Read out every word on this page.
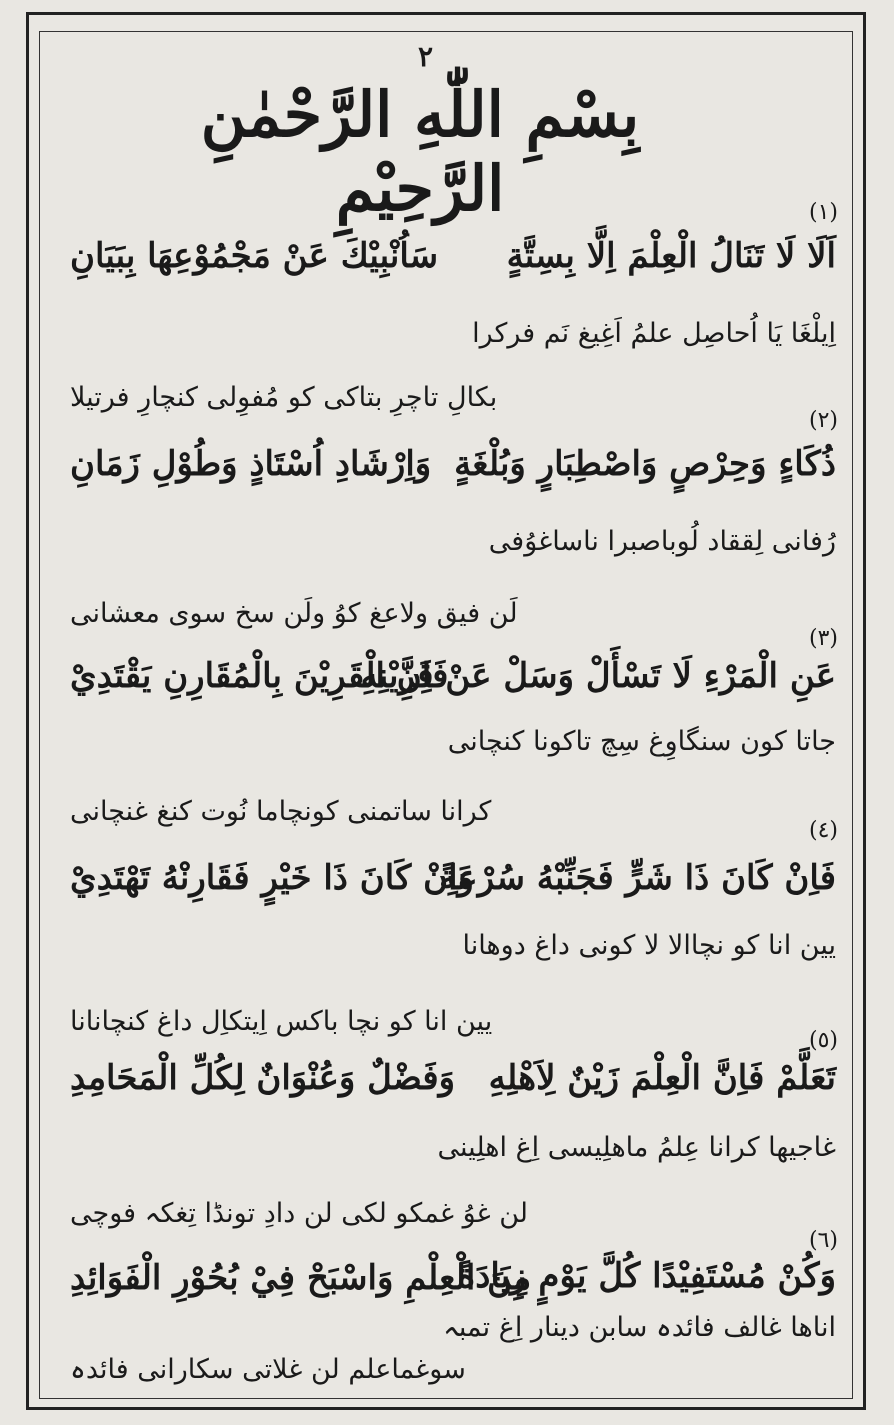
٢
بِسْمِ اللّٰهِ الرَّحْمٰنِ الرَّحِيْمِ	(١)
اَلَا لَا تَنَالُ الْعِلْمَ اِلَّا بِسِتَّةٍ
سَاُنْبِيْكَ عَنْ مَجْمُوْعِهَا بِبَيَانِ
اِیلْغَا یَا اُحاصِل علمُ اَغِیغ نَم فرکرا
بکالِ تاچرِ بتاکی کو مُفوِلی کنچارِ فرتیلا
(٢)
ذُكَاءٍ وَحِرْصٍ وَاصْطِبَارٍ وَبُلْغَةٍ
وَاِرْشَادِ اُسْتَاذٍ وَطُوْلِ زَمَانِ
رُفانی لِققاد لُوباصبرا ناساغوُفی
لَن فیق ولاعغ کوُ ولَن سخ سوی معشانی
(٣)
عَنِ الْمَرْءِ لَا تَسْأَلْ وَسَلْ عَنْ قَرِيْنِهِ
فَاِنَّ الْقَرِيْنَ بِالْمُقَارِنِ يَقْتَدِيْ
جاتا کون سنگاوِغ سِچ تاکونا کنچانی
کرانا ساتمنی کونچاما نُوت کنغ غنچانی
(٤)
فَاِنْ كَانَ ذَا شَرٍّ فَجَنِّبْهُ سُرْعَةً
وَاِنْ كَانَ ذَا خَيْرٍ فَقَارِنْهُ تَهْتَدِيْ
یین انا کو نچاالا لا کونی داغ دوھانا
یین انا کو نچا باکس اِیتکاِل داغ کنچانانا
(٥)
تَعَلَّمْ فَاِنَّ الْعِلْمَ زَيْنٌ لِاَهْلِهِ
وَفَضْلٌ وَعُنْوَانٌ لِكُلِّ الْمَحَامِدِ
غاجیھا کرانا عِلمُ ماھلِیسی اِغ اھلِینی
لن غوُ غمکو لکی لن دادِ تونڈا تِغکہ فوچی
(٦)
وَكُنْ مُسْتَفِيْدًا كُلَّ يَوْمٍ زِيَادَةً
مِنَ الْعِلْمِ وَاسْبَحْ فِيْ بُحُوْرِ الْفَوَائِدِ
اناھا غالف فائدہ سابن دینار اِغ تمبہ
سوغماعلم لن غلاتی سکارانی فائدہ
